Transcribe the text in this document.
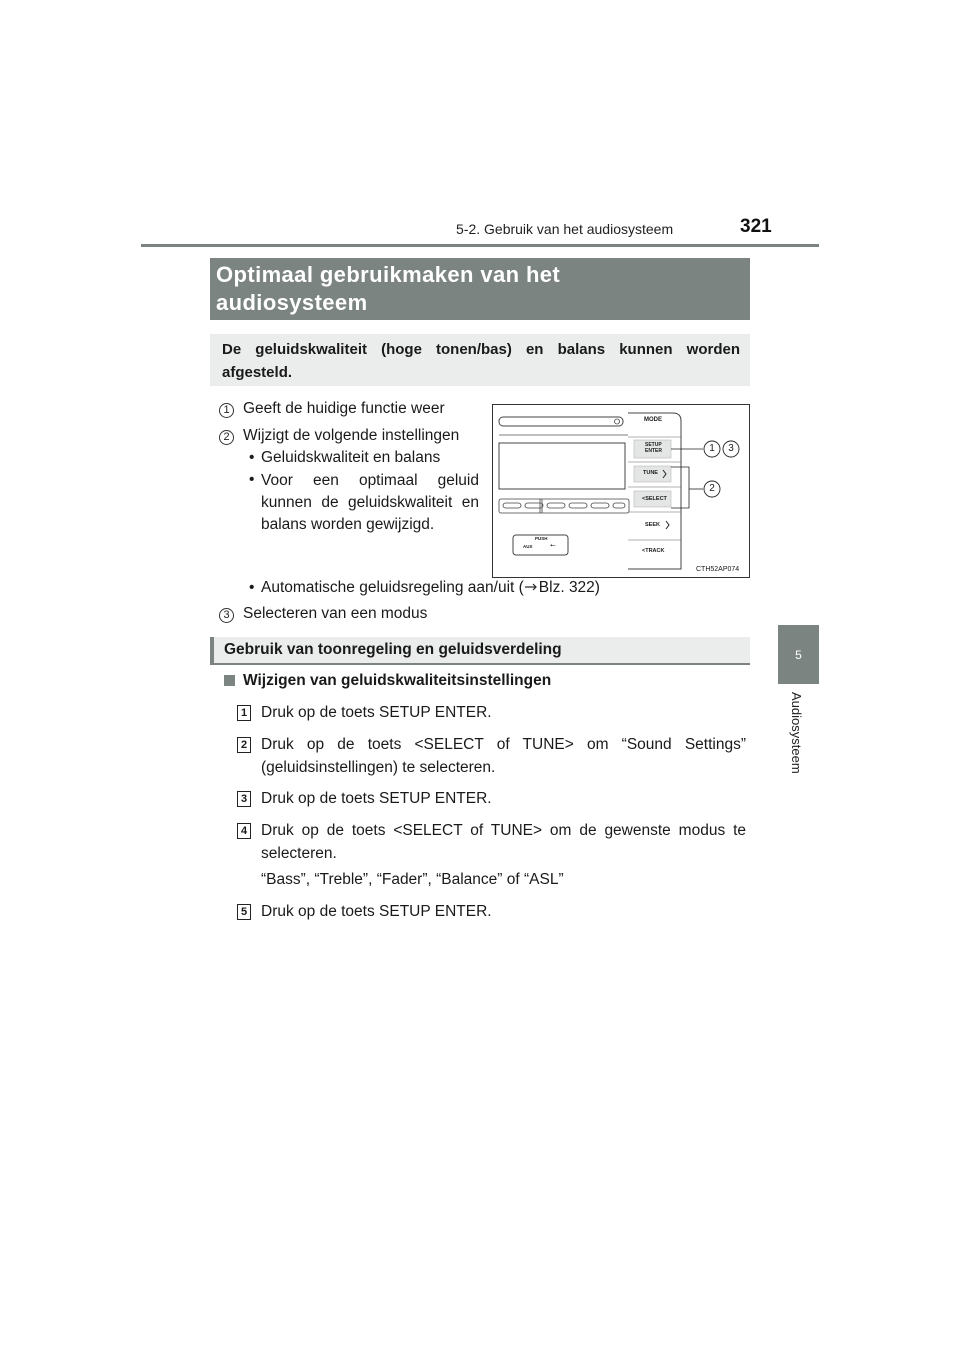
5-2. Gebruik van het audiosysteem	321
5
Audiosysteem
Optimaal gebruikmaken van het
audiosysteem
De geluidskwaliteit (hoge tonen/bas) en balans kunnen worden afgesteld.
1 Geeft de huidige functie weer
2 Wijzigt de volgende instellingen
• Geluidskwaliteit en balans
• Voor een optimaal geluid kunnen de geluidskwaliteit en balans worden gewijzigd.
• Automatische geluidsregeling aan/uit ( Blz. 322)
3 Selecteren van een modus
MODE
SETUP
ENTER
TUNE
<SELECT
SEEK
<TRACK
PUSH
AUX ⭠
1 3
2
CTH52AP074
Gebruik van toonregeling en geluidsverdeling
Wijzigen van geluidskwaliteitsinstellingen
1 Druk op de toets SETUP ENTER.
2 Druk op de toets <SELECT of TUNE> om “Sound Settings”
(geluidsinstellingen) te selecteren.
3 Druk op de toets SETUP ENTER.
4 Druk op de toets <SELECT of TUNE> om de gewenste modus te
selecteren.
“Bass”, “Treble”, “Fader”, “Balance” of “ASL”
5 Druk op de toets SETUP ENTER.
